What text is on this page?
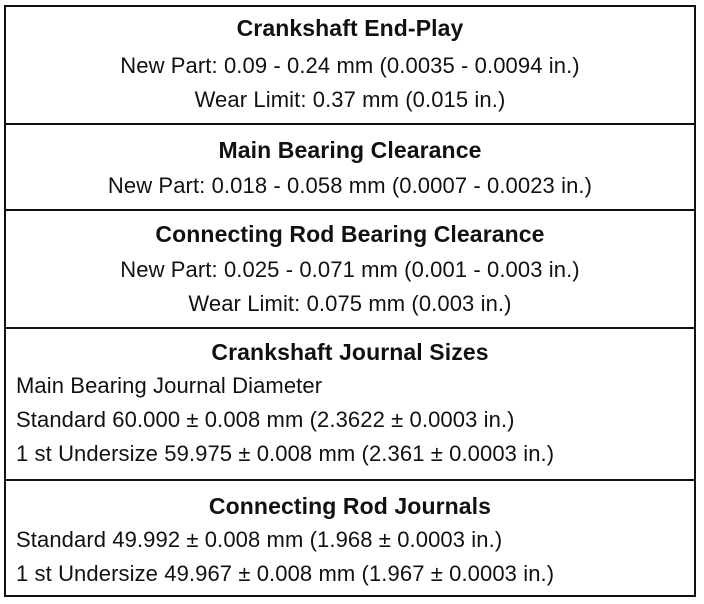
Crankshaft End-Play
New Part: 0.09 - 0.24 mm (0.0035 - 0.0094 in.)
Wear Limit: 0.37 mm (0.015 in.)
Main Bearing Clearance
New Part: 0.018 - 0.058 mm (0.0007 - 0.0023 in.)
Connecting Rod Bearing Clearance
New Part: 0.025 - 0.071 mm (0.001 - 0.003 in.)
Wear Limit: 0.075 mm (0.003 in.)
Crankshaft Journal Sizes
Main Bearing Journal Diameter
Standard 60.000 ± 0.008 mm (2.3622 ± 0.0003 in.)
1 st Undersize 59.975 ± 0.008 mm (2.361 ± 0.0003 in.)
Connecting Rod Journals
Standard 49.992 ± 0.008 mm (1.968 ± 0.0003 in.)
1 st Undersize 49.967 ± 0.008 mm (1.967 ± 0.0003 in.)
